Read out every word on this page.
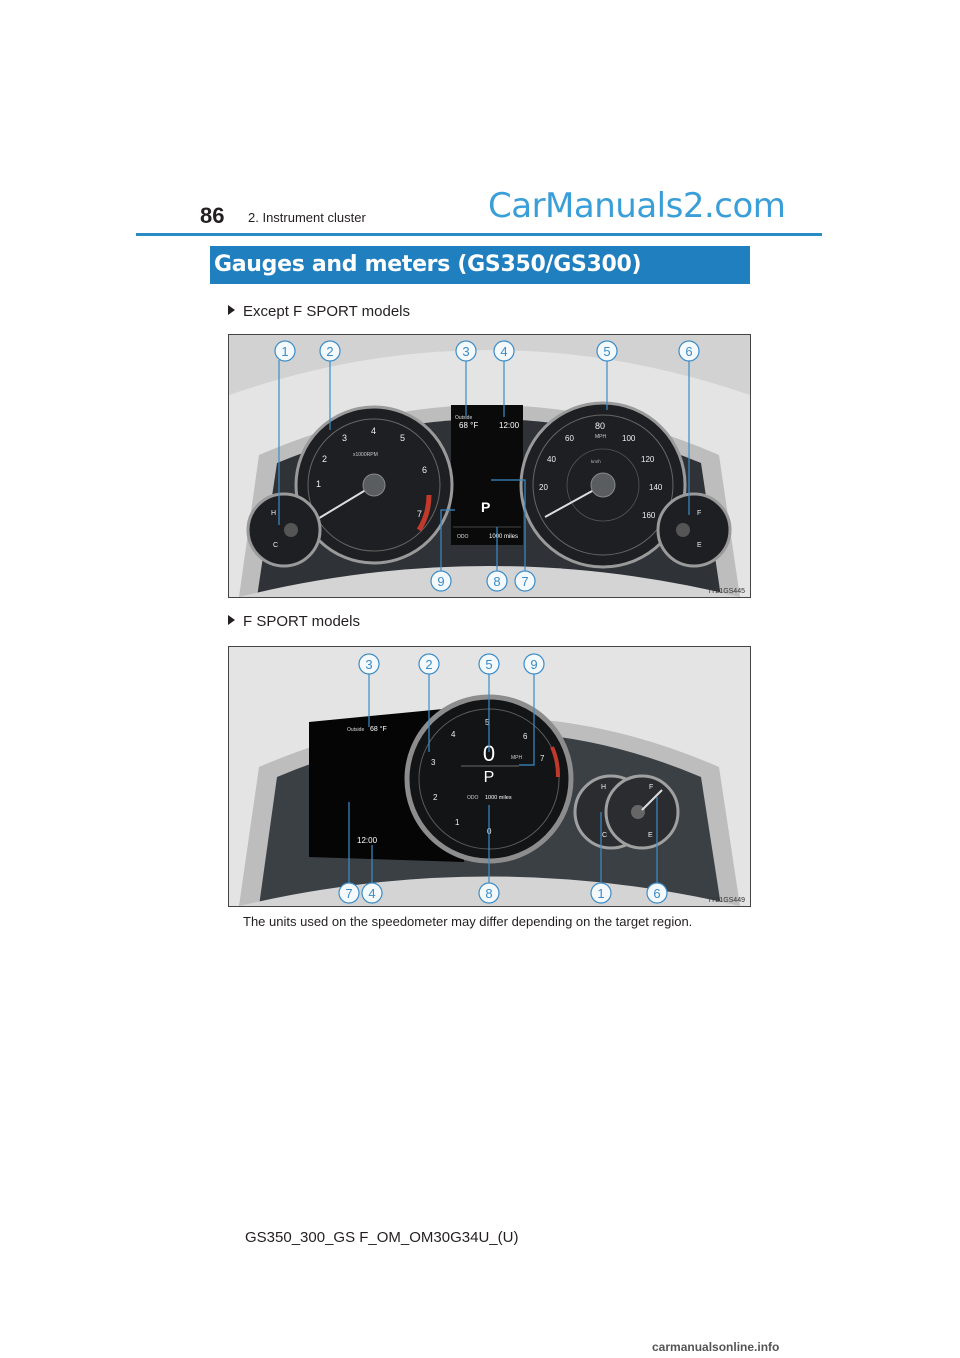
86 2. Instrument cluster	CarManuals2.com
Gauges and meters (GS350/GS300)
Except F SPORT models
Outside
68 °F	12:00
P
ODO	1000 miles
1
2
3
4
5
6
7
x1000RPM
20
40
60
80
100
120
140
160
MPH
km/h
H
C
F
E
1	2	3 4	5	6
9	8 7
IY21GS445
F SPORT models
Outside 68 °F
12:00
0
1
2
3
4
5
6
7
0	MPH
P
ODO 1000 miles
H
C
F
E
3	2	5	9
7 4	8	1	6	IY21GS449
The units used on the speedometer may differ depending on the target region.
GS350_300_GS F_OM_OM30G34U_(U)
carmanualsonline.info
